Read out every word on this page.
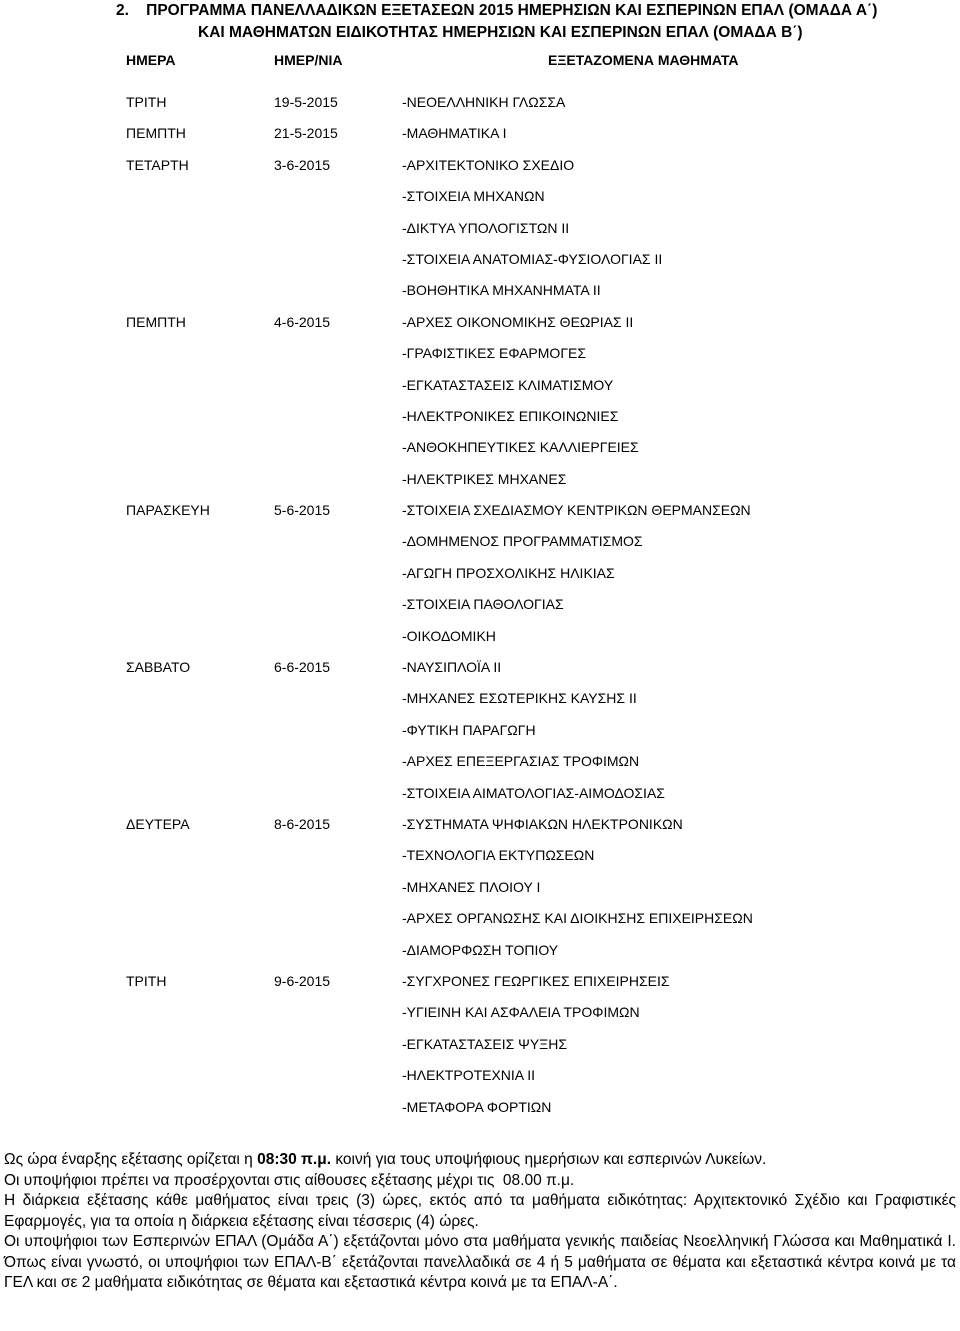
2.    ΠΡΟΓΡΑΜΜΑ ΠΑΝΕΛΛΑΔΙΚΩΝ ΕΞΕΤΑΣΕΩΝ 2015 ΗΜΕΡΗΣΙΩΝ ΚΑΙ ΕΣΠΕΡΙΝΩΝ ΕΠΑΛ (ΟΜΑΔΑ Α΄)
ΚΑΙ ΜΑΘΗΜΑΤΩΝ ΕΙΔΙΚΟΤΗΤΑΣ ΗΜΕΡΗΣΙΩΝ ΚΑΙ ΕΣΠΕΡΙΝΩΝ ΕΠΑΛ (ΟΜΑΔΑ Β΄)
ΗΜΕΡΑ	ΗΜΕΡ/ΝΙΑ	ΕΞΕΤΑΖΟΜΕΝΑ ΜΑΘΗΜΑΤΑ
ΤΡΙΤΗ	19-5-2015	-ΝΕΟΕΛΛΗΝΙΚΗ ΓΛΩΣΣΑ
ΠΕΜΠΤΗ	21-5-2015	-ΜΑΘΗΜΑΤΙΚΑ Ι
ΤΕΤΑΡΤΗ	3-6-2015	-ΑΡΧΙΤΕΚΤΟΝΙΚΟ ΣΧΕΔΙΟ
-ΣΤΟΙΧΕΙΑ ΜΗΧΑΝΩΝ
-ΔΙΚΤΥΑ ΥΠΟΛΟΓΙΣΤΩΝ ΙΙ
-ΣΤΟΙΧΕΙΑ ΑΝΑΤΟΜΙΑΣ-ΦΥΣΙΟΛΟΓΙΑΣ ΙΙ
-ΒΟΗΘΗΤΙΚΑ ΜΗΧΑΝΗΜΑΤΑ ΙΙ
ΠΕΜΠΤΗ	4-6-2015	-ΑΡΧΕΣ ΟΙΚΟΝΟΜΙΚΗΣ ΘΕΩΡΙΑΣ ΙΙ
-ΓΡΑΦΙΣΤΙΚΕΣ ΕΦΑΡΜΟΓΕΣ
-ΕΓΚΑΤΑΣΤΑΣΕΙΣ ΚΛΙΜΑΤΙΣΜΟΥ
-ΗΛΕΚΤΡΟΝΙΚΕΣ ΕΠΙΚΟΙΝΩΝΙΕΣ
-ΑΝΘΟΚΗΠΕΥΤΙΚΕΣ ΚΑΛΛΙΕΡΓΕΙΕΣ
-ΗΛΕΚΤΡΙΚΕΣ ΜΗΧΑΝΕΣ
ΠΑΡΑΣΚΕΥΗ	5-6-2015	-ΣΤΟΙΧΕΙΑ ΣΧΕΔΙΑΣΜΟΥ ΚΕΝΤΡΙΚΩΝ ΘΕΡΜΑΝΣΕΩΝ
-ΔΟΜΗΜΕΝΟΣ ΠΡΟΓΡΑΜΜΑΤΙΣΜΟΣ
-ΑΓΩΓΗ ΠΡΟΣΧΟΛΙΚΗΣ ΗΛΙΚΙΑΣ
-ΣΤΟΙΧΕΙΑ ΠΑΘΟΛΟΓΙΑΣ
-ΟΙΚΟΔΟΜΙΚΗ
ΣΑΒΒΑΤΟ	6-6-2015	-ΝΑΥΣΙΠΛΟΪΑ ΙΙ
-ΜΗΧΑΝΕΣ ΕΣΩΤΕΡΙΚΗΣ ΚΑΥΣΗΣ ΙΙ
-ΦΥΤΙΚΗ ΠΑΡΑΓΩΓΗ
-ΑΡΧΕΣ ΕΠΕΞΕΡΓΑΣΙΑΣ ΤΡΟΦΙΜΩΝ
-ΣΤΟΙΧΕΙΑ ΑΙΜΑΤΟΛΟΓΙΑΣ-ΑΙΜΟΔΟΣΙΑΣ
ΔΕΥΤΕΡΑ	8-6-2015	-ΣΥΣΤΗΜΑΤΑ ΨΗΦΙΑΚΩΝ ΗΛΕΚΤΡΟΝΙΚΩΝ
-ΤΕΧΝΟΛΟΓΙΑ ΕΚΤΥΠΩΣΕΩΝ
-ΜΗΧΑΝΕΣ ΠΛΟΙΟΥ Ι
-ΑΡΧΕΣ ΟΡΓΑΝΩΣΗΣ ΚΑΙ ΔΙΟΙΚΗΣΗΣ ΕΠΙΧΕΙΡΗΣΕΩΝ
-ΔΙΑΜΟΡΦΩΣΗ ΤΟΠΙΟΥ
ΤΡΙΤΗ	9-6-2015	-ΣΥΓΧΡΟΝΕΣ ΓΕΩΡΓΙΚΕΣ ΕΠΙΧΕΙΡΗΣΕΙΣ
-ΥΓΙΕΙΝΗ ΚΑΙ ΑΣΦΑΛΕΙΑ ΤΡΟΦΙΜΩΝ
-ΕΓΚΑΤΑΣΤΑΣΕΙΣ ΨΥΞΗΣ
-ΗΛΕΚΤΡΟΤΕΧΝΙΑ ΙΙ
-ΜΕΤΑΦΟΡΑ ΦΟΡΤΙΩΝ

Ως ώρα έναρξης εξέτασης ορίζεται η 08:30 π.μ. κοινή για τους υποψήφιους ημερήσιων και εσπερινών Λυκείων.

Οι υποψήφιοι πρέπει να προσέρχονται στις αίθουσες εξέτασης μέχρι τις  08.00 π.μ.

Η διάρκεια εξέτασης κάθε μαθήματος είναι τρεις (3) ώρες, εκτός από τα μαθήματα ειδικότητας: Αρχιτεκτονικό Σχέδιο και Γραφιστικές Εφαρμογές, για τα οποία η διάρκεια εξέτασης είναι τέσσερις (4) ώρες.

Οι υποψήφιοι των Εσπερινών ΕΠΑΛ (Ομάδα Α΄) εξετάζονται μόνο στα μαθήματα γενικής παιδείας Νεοελληνική Γλώσσα και Μαθηματικά Ι. Όπως είναι γνωστό, οι υποψήφιοι των ΕΠΑΛ-Β΄ εξετάζονται πανελλαδικά σε 4 ή 5 μαθήματα σε θέματα και εξεταστικά κέντρα κοινά με τα ΓΕΛ και σε 2 μαθήματα ειδικότητας σε θέματα και εξεταστικά κέντρα κοινά με τα ΕΠΑΛ-Α΄.
